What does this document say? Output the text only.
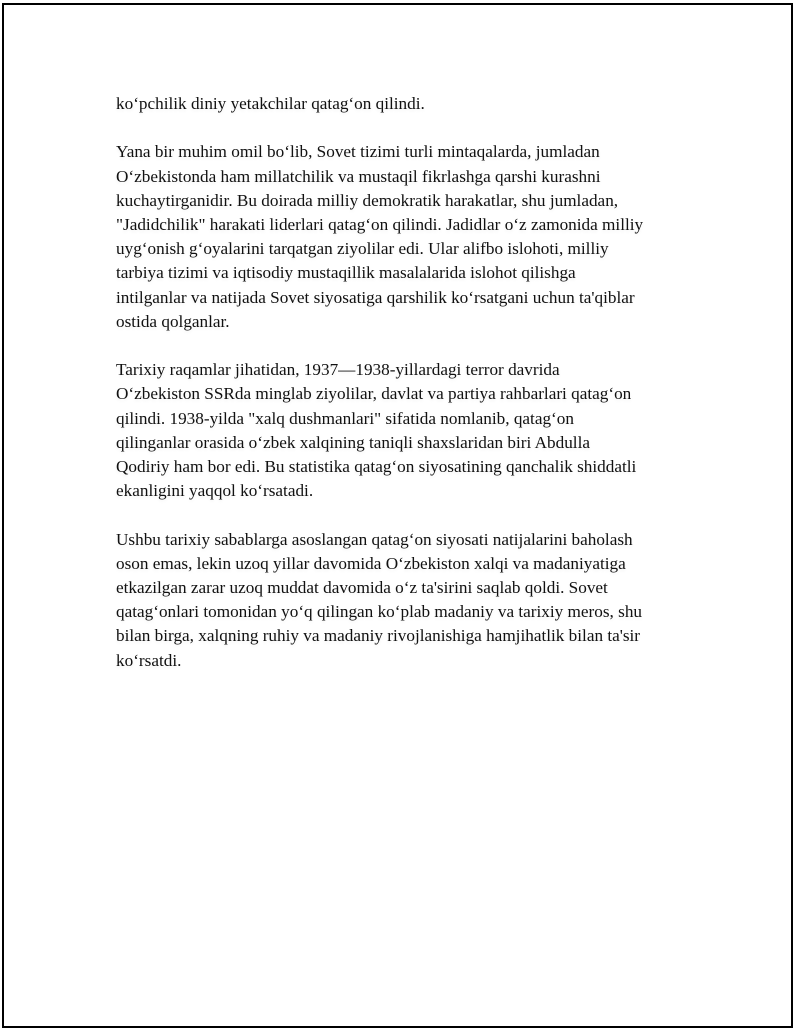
ko‘pchilik diniy yetakchilar qatag‘on qilindi.

Yana bir muhim omil bo‘lib, Sovet tizimi turli mintaqalarda, jumladan
O‘zbekistonda ham millatchilik va mustaqil fikrlashga qarshi kurashni
kuchaytirganidir. Bu doirada milliy demokratik harakatlar, shu jumladan,
"Jadidchilik" harakati liderlari qatag‘on qilindi. Jadidlar o‘z zamonida milliy
uyg‘onish g‘oyalarini tarqatgan ziyolilar edi. Ular alifbo islohoti, milliy
tarbiya tizimi va iqtisodiy mustaqillik masalalarida islohot qilishga
intilganlar va natijada Sovet siyosatiga qarshilik ko‘rsatgani uchun ta'qiblar
ostida qolganlar.

Tarixiy raqamlar jihatidan, 1937—1938-yillardagi terror davrida
O‘zbekiston SSRda minglab ziyolilar, davlat va partiya rahbarlari qatag‘on
qilindi. 1938-yilda "xalq dushmanlari" sifatida nomlanib, qatag‘on
qilinganlar orasida o‘zbek xalqining taniqli shaxslaridan biri Abdulla
Qodiriy ham bor edi. Bu statistika qatag‘on siyosatining qanchalik shiddatli
ekanligini yaqqol ko‘rsatadi.

Ushbu tarixiy sabablarga asoslangan qatag‘on siyosati natijalarini baholash
oson emas, lekin uzoq yillar davomida O‘zbekiston xalqi va madaniyatiga
etkazilgan zarar uzoq muddat davomida o‘z ta'sirini saqlab qoldi. Sovet
qatag‘onlari tomonidan yo‘q qilingan ko‘plab madaniy va tarixiy meros, shu
bilan birga, xalqning ruhiy va madaniy rivojlanishiga hamjihatlik bilan ta'sir
ko‘rsatdi.
